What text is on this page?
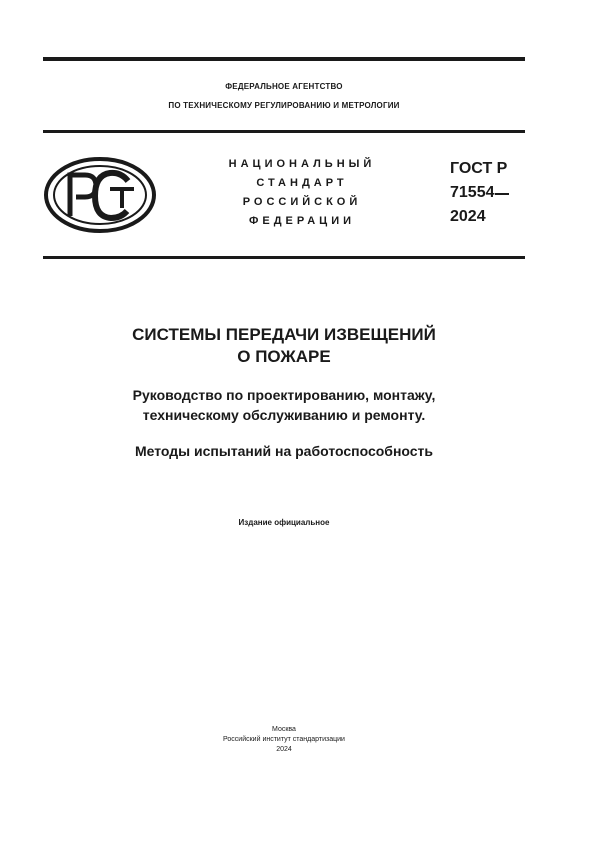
ФЕДЕРАЛЬНОЕ АГЕНТСТВО
ПО ТЕХНИЧЕСКОМУ РЕГУЛИРОВАНИЮ И МЕТРОЛОГИИ
НАЦИОНАЛЬНЫЙ
СТАНДАРТ
РОССИЙСКОЙ
ФЕДЕРАЦИИ
ГОСТ Р
71554
2024
СИСТЕМЫ ПЕРЕДАЧИ ИЗВЕЩЕНИЙ
О ПОЖАРЕ
Руководство по проектированию, монтажу,
техническому обслуживанию и ремонту.
Методы испытаний на работоспособность
Издание официальное
Москва
Российский институт стандартизации
2024
